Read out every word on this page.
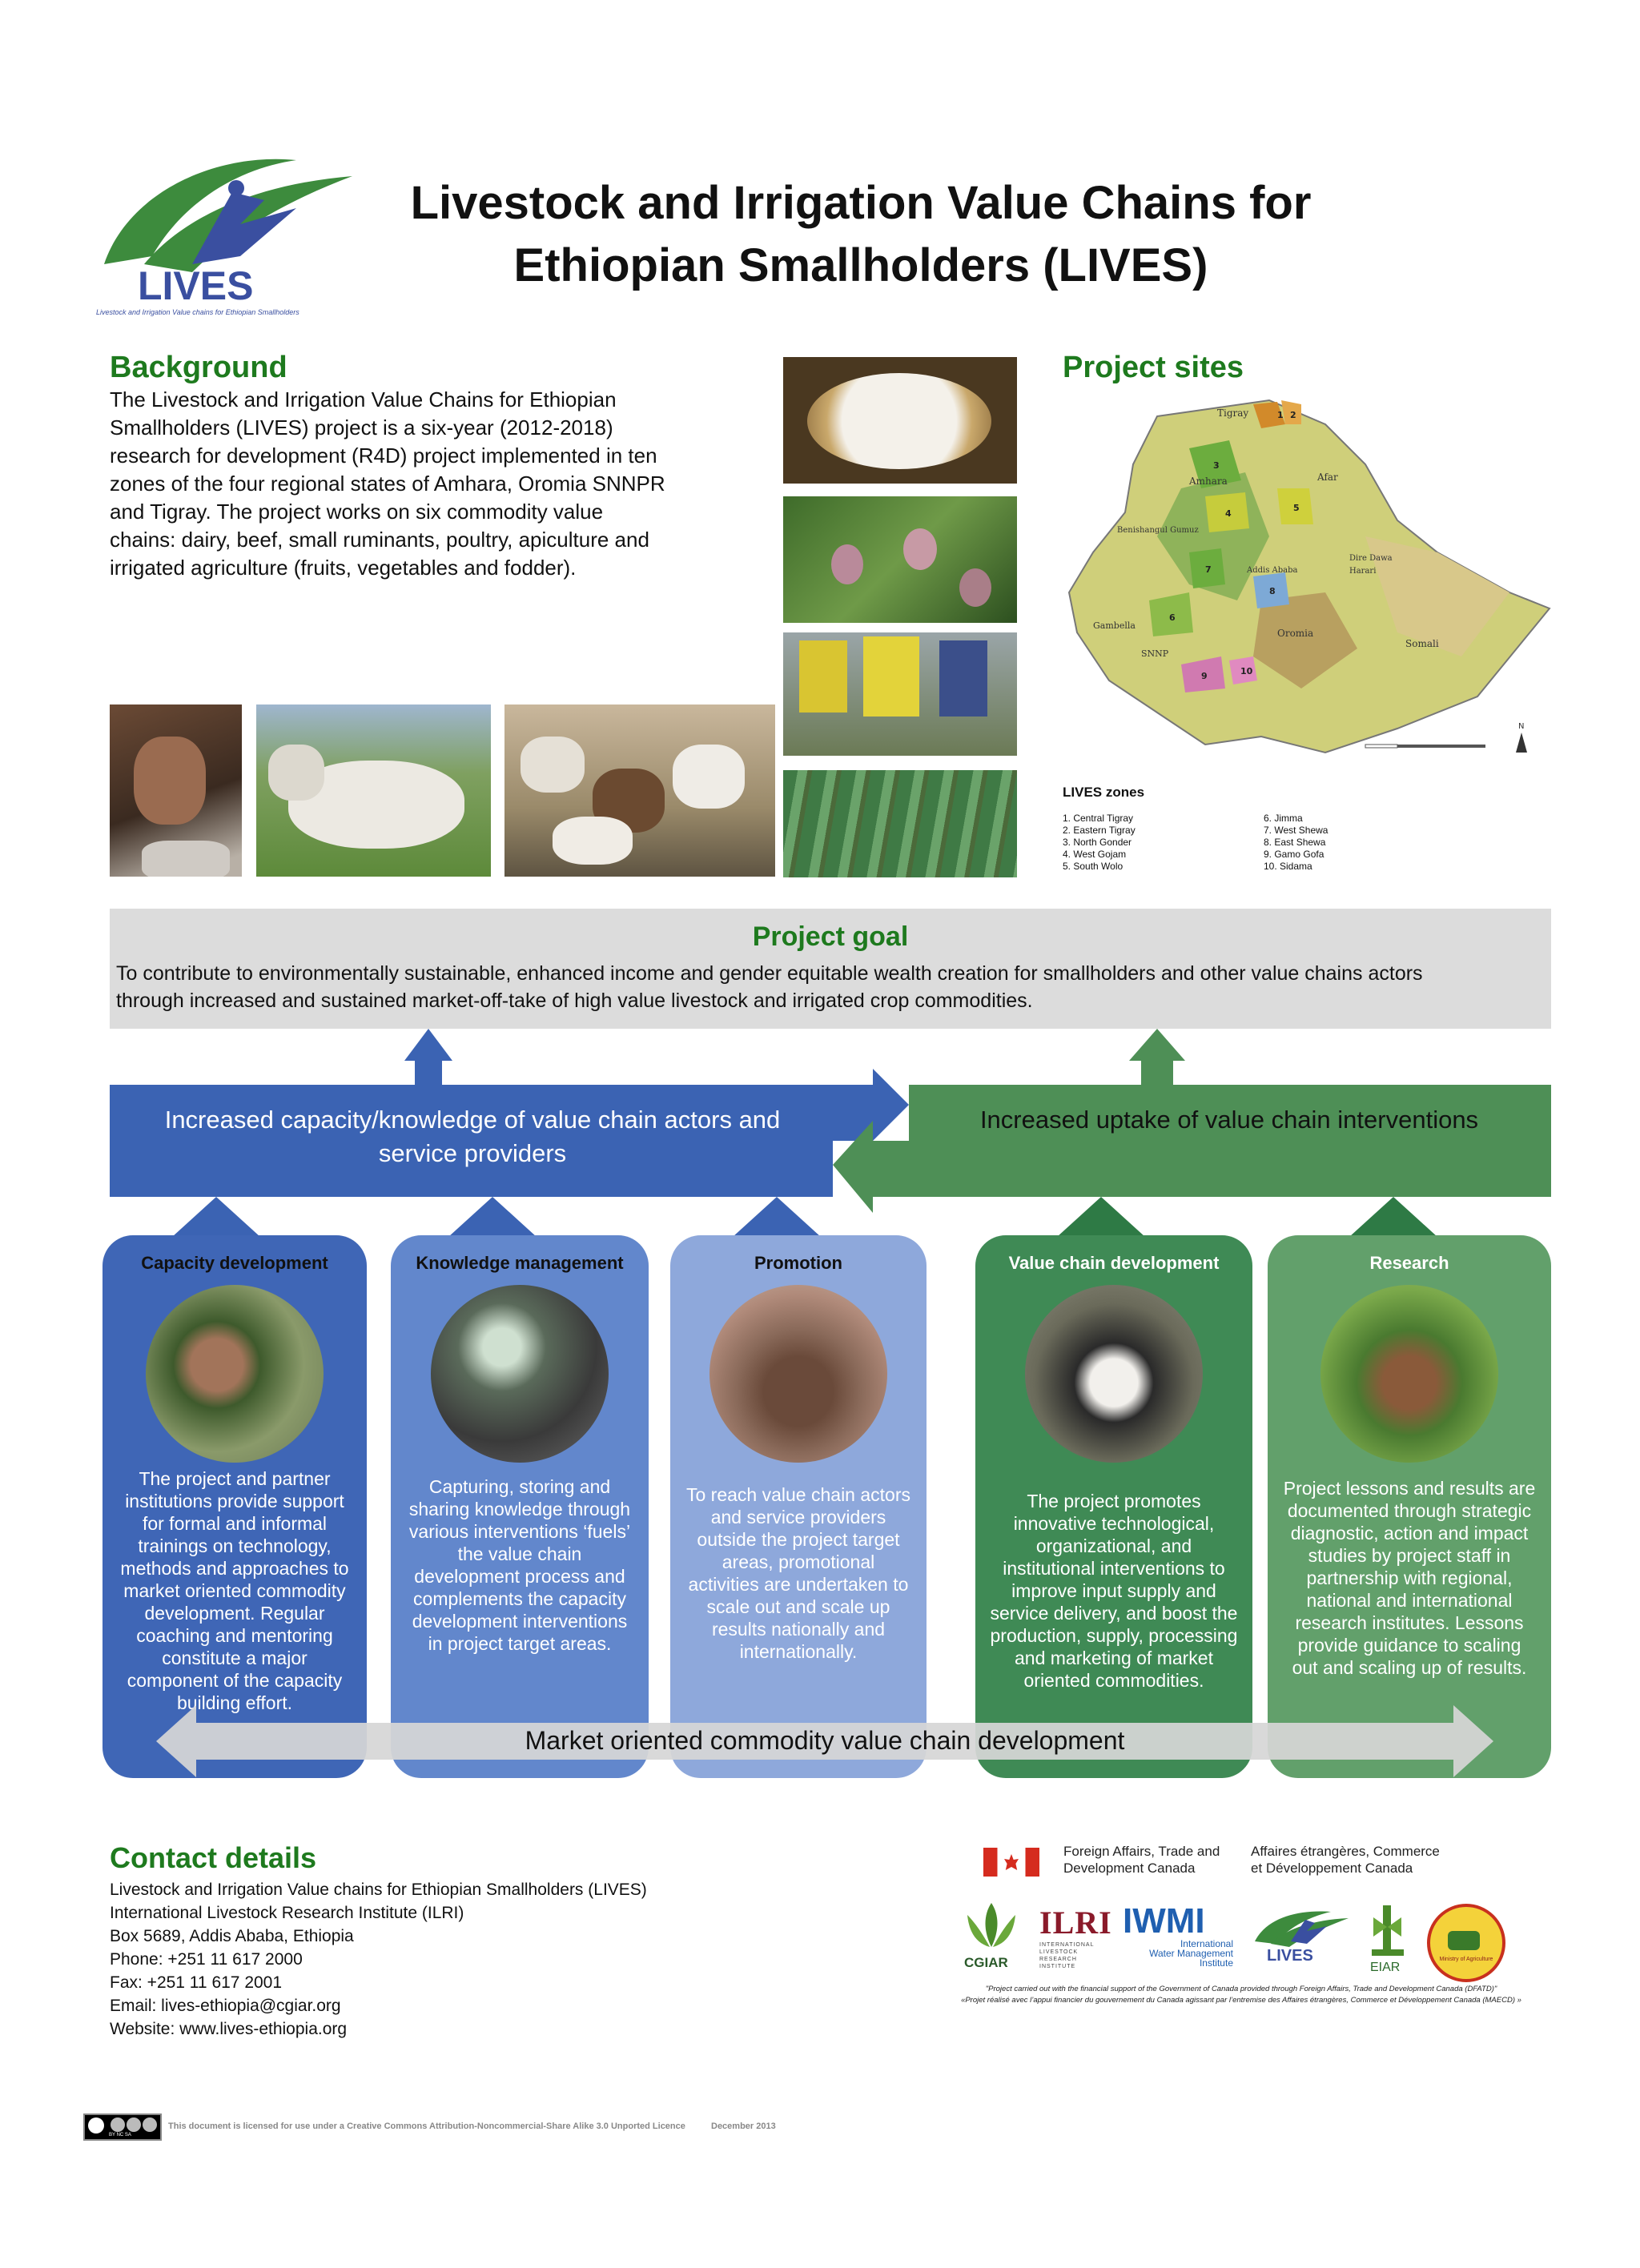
LIVES
Livestock and Irrigation Value chains for Ethiopian Smallholders
Livestock and Irrigation Value Chains for
Ethiopian Smallholders (LIVES)
Background
The Livestock and Irrigation Value Chains for Ethiopian
Smallholders (LIVES) project is a six-year (2012-2018)
research for development (R4D) project implemented in ten
zones of the four regional states of Amhara, Oromia SNNPR
and Tigray. The project works on six commodity value
chains: dairy, beef, small ruminants, poultry, apiculture and
irrigated agriculture (fruits, vegetables and fodder).
Project sites
Tigray
Amhara	Afar
Benishangul Gumuz
Addis Ababa
Dire Dawa
Harari
Gambella
SNNP
Oromia
Somali
1 2
3
4
5
6
7
8
9	10
N
LIVES zones
1. Central Tigray
2. Eastern Tigray
3. North Gonder
4. West Gojam
5. South Wolo
6. Jimma
7. West Shewa
8. East Shewa
9. Gamo Gofa
10. Sidama
Project goal
To contribute to environmentally sustainable, enhanced income and gender equitable wealth creation for smallholders and other value chains actors
through increased and sustained market-off-take of high value livestock and irrigated crop commodities.
Increased capacity/knowledge of value chain actors and
service providers
Increased uptake of value chain interventions
Capacity development
The project and partner
institutions provide support
for formal and informal
trainings on technology,
methods and approaches to
market oriented commodity
development. Regular
coaching and mentoring
constitute a major
component of the capacity
building effort.
Knowledge management
Capturing, storing and
sharing knowledge through
various interventions ‘fuels’
the value chain
development process and
complements the capacity
development interventions
in project target areas.
Promotion
To reach value chain actors
and service providers
outside the project target
areas, promotional
activities are undertaken to
scale out and scale up
results nationally and
internationally.
Value chain development
The project promotes
innovative technological,
organizational, and
institutional interventions to
improve input supply and
service delivery, and boost the
production, supply, processing
and marketing of market
oriented commodities.
Research
Project lessons and results are
documented through strategic
diagnostic, action and impact
studies by project staff in
partnership with regional,
national and international
research institutes. Lessons
provide guidance to scaling
out and scaling up of results.
Market oriented commodity value chain development
Contact details
Livestock and Irrigation Value chains for Ethiopian Smallholders (LIVES)
International Livestock Research Institute (ILRI)
Box 5689, Addis Ababa, Ethiopia
Phone: +251 11 617 2000
Fax: +251 11 617 2001
Email: lives-ethiopia@cgiar.org
Website: www.lives-ethiopia.org
Foreign Affairs, Trade and
Development Canada
Affaires étrangères, Commerce
et Développement Canada
CGIAR
ILRI
INTERNATIONAL
LIVESTOCK RESEARCH
INSTITUTE
IWMI
International
Water Management
Institute LIVES
EIAR
Ministry of Agriculture
"Project carried out with the financial support of the Government of Canada provided through Foreign Affairs, Trade and Development Canada (DFATD)"
«Projet réalisé avec l’appui financier du gouvernement du Canada agissant par l’entremise des Affaires étrangères, Commerce et Développement Canada (MAECD) »
BY NC SA
This document is licensed for use under a Creative Commons Attribution-Noncommercial-Share Alike 3.0 Unported Licence	December 2013
